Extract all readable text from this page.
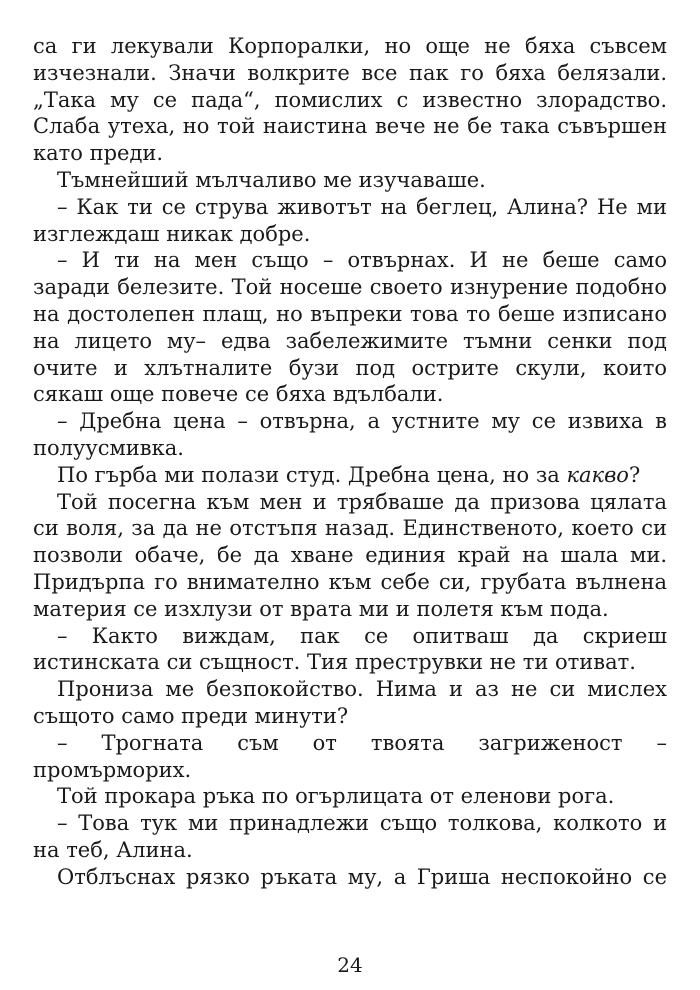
са ги лекували Корпоралки, но още не бяха съвсем изчезнали. Значи волкрите все пак го бяха белязали. „Така му се пада“, помислих с известно злорадство. Слаба утеха, но той наистина вече не бе така съвършен като преди.

Тъмнейший мълчаливо ме изучаваше.

– Как ти се струва животът на беглец, Алина? Не ми изглеждаш никак добре.

– И ти на мен също – отвърнах. И не беше само заради белезите. Той носеше своето изнурение подобно на достолепен плащ, но въпреки това то беше изписано на лицето му– едва забележимите тъмни сенки под очите и хлътналите бузи под острите скули, които сякаш още повече се бяха вдълбали.

– Дребна цена – отвърна, а устните му се извиха в полуусмивка.

По гърба ми полази студ. Дребна цена, но за какво?

Той посегна към мен и трябваше да призова цялата си воля, за да не отстъпя назад. Единственото, което си позволи обаче, бе да хване единия край на шала ми. Придърпа го внимателно към себе си, грубата вълнена материя се изхлузи от врата ми и полетя към пода.

– Както виждам, пак се опитваш да скриеш истинската си същност. Тия преструвки не ти отиват.

Прониза ме безпокойство. Нима и аз не си мислех същото само преди минути?

– Трогната съм от твоята загриженост – промърморих.

Той прокара ръка по огърлицата от еленови рога.

– Това тук ми принадлежи също толкова, колкото и на теб, Алина.

Отблъснах рязко ръката му, а Гриша неспокойно се

24
